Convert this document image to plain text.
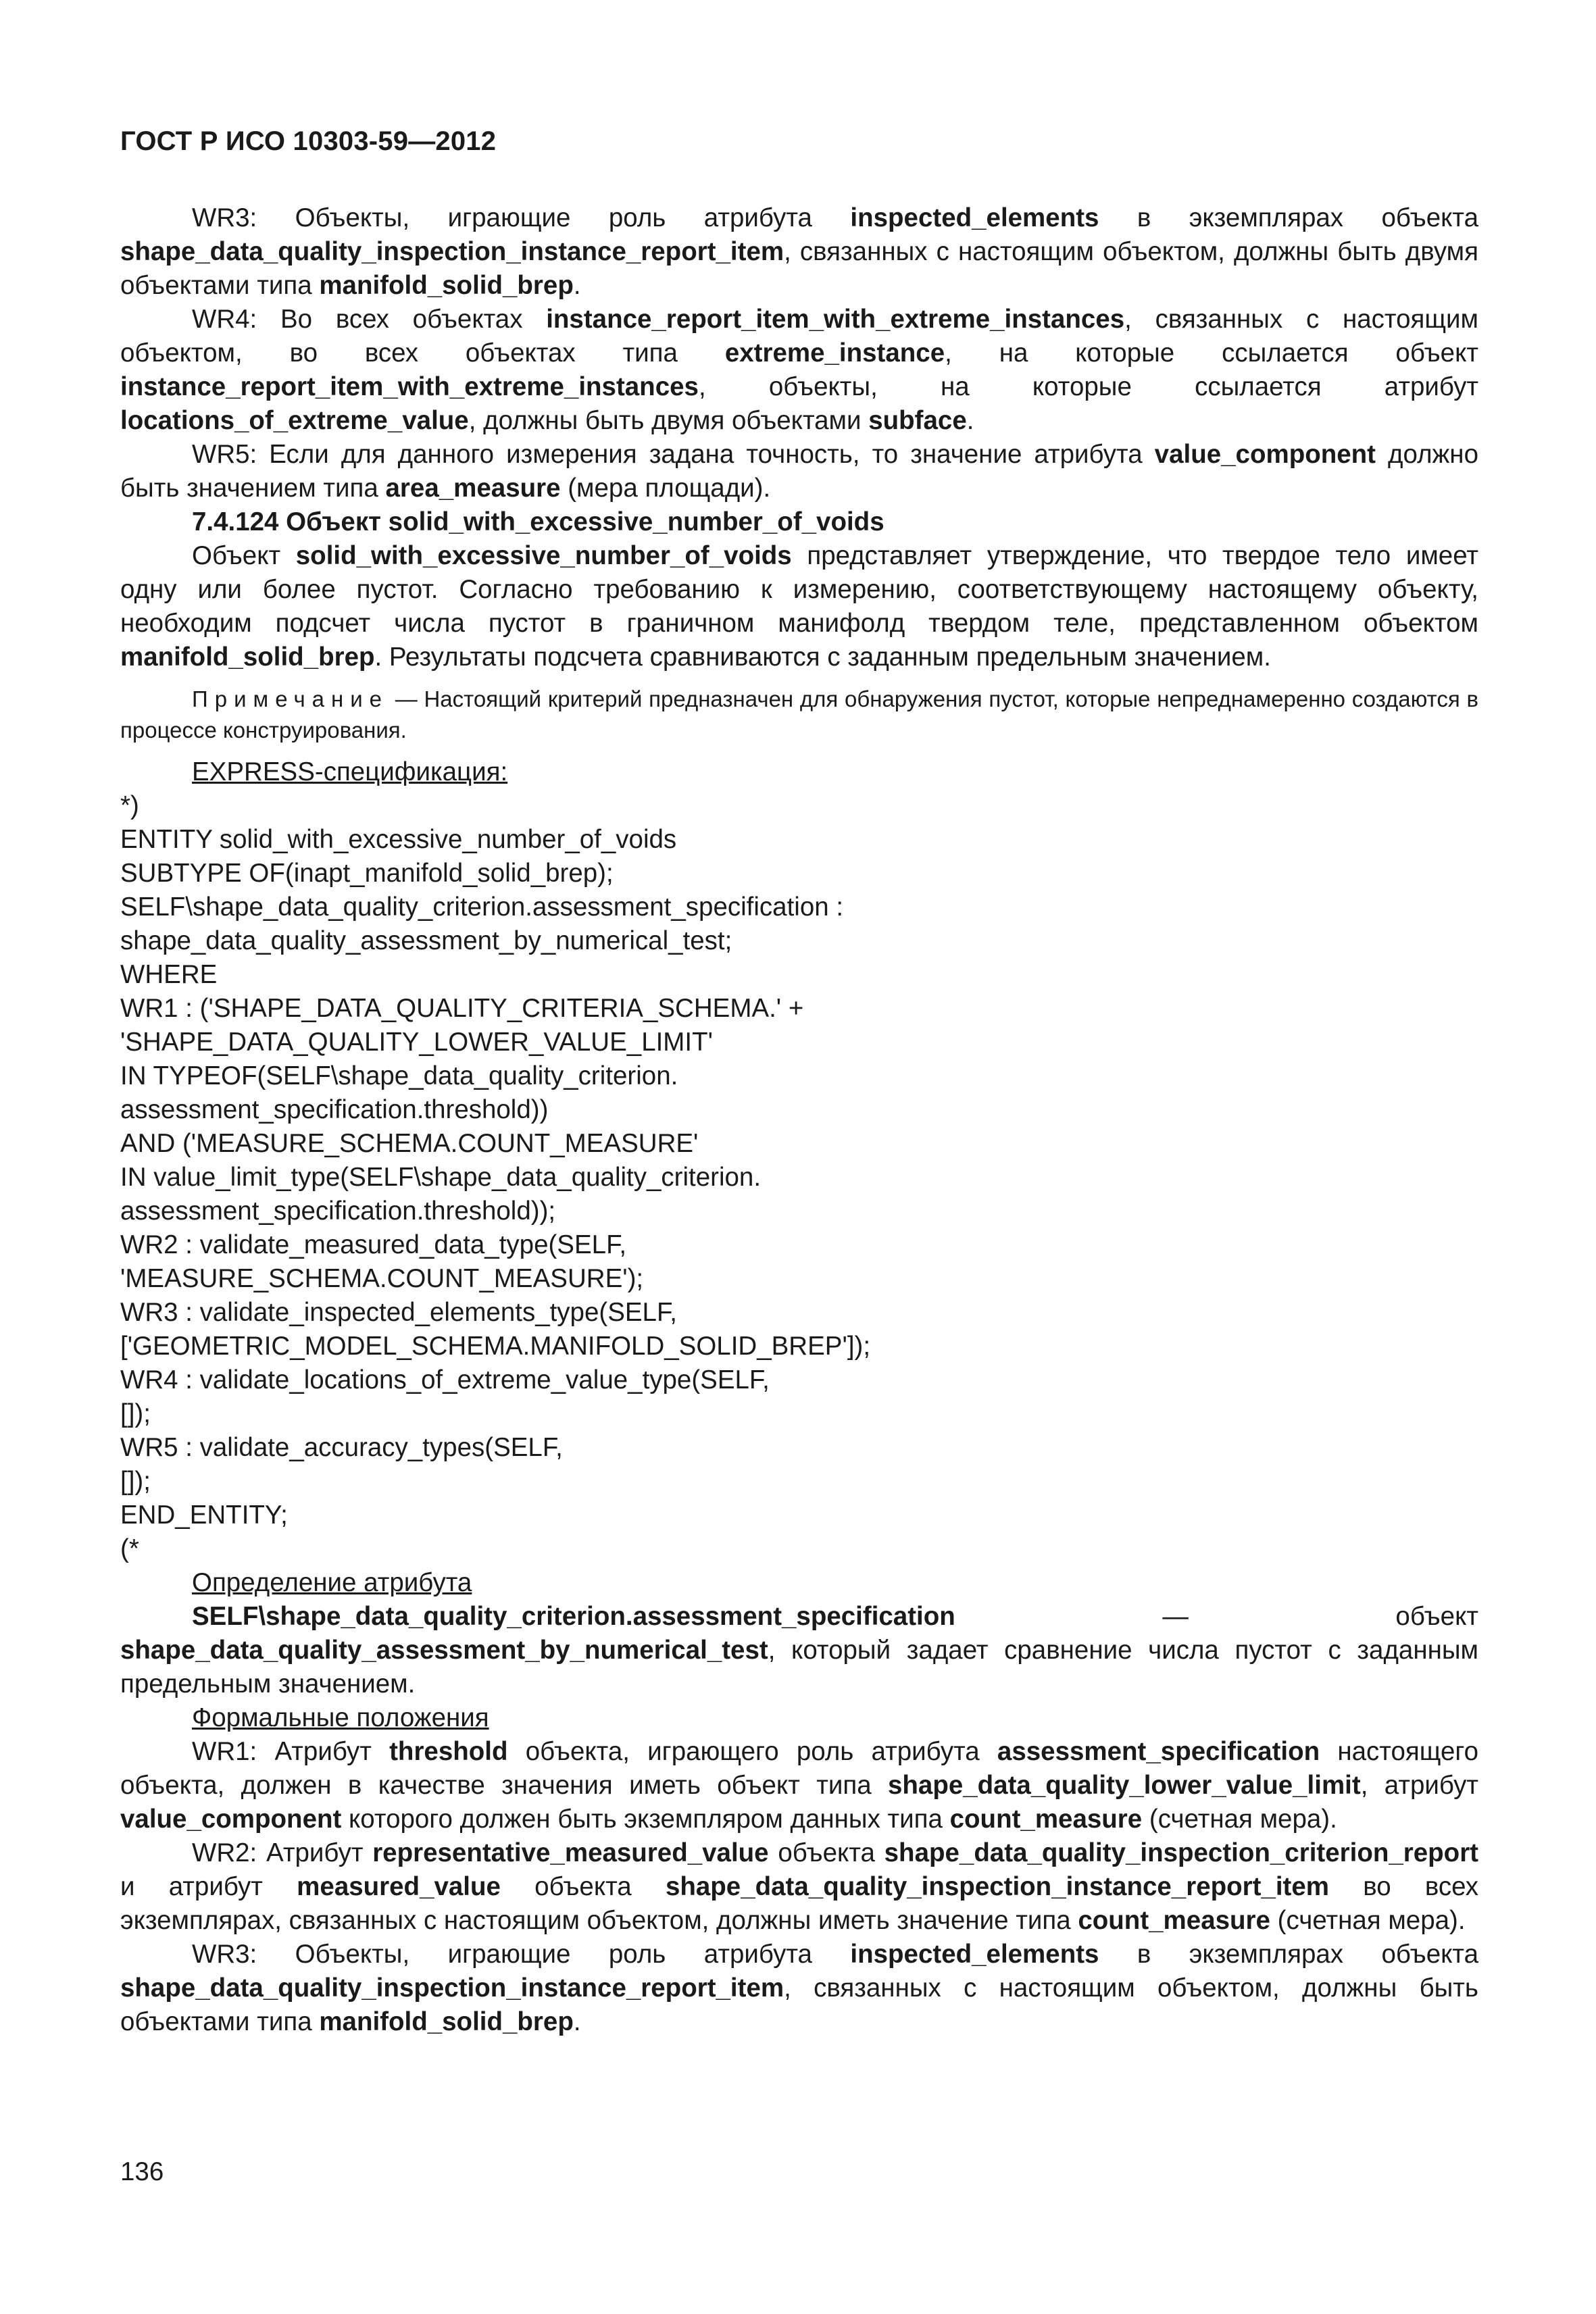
ГОСТ Р ИСО 10303-59—2012

WR3: Объекты, играющие роль атрибута inspected_elements в экземплярах объекта shape_data_quality_inspection_instance_report_item, связанных с настоящим объектом, должны быть двумя объектами типа manifold_solid_brep.

WR4: Во всех объектах instance_report_item_with_extreme_instances, связанных с настоящим объектом, во всех объектах типа extreme_instance, на которые ссылается объект instance_report_item_with_extreme_instances, объекты, на которые ссылается атрибут locations_of_extreme_value, должны быть двумя объектами subface.

WR5: Если для данного измерения задана точность, то значение атрибута value_component должно быть значением типа area_measure (мера площади).

7.4.124 Объект solid_with_excessive_number_of_voids

Объект solid_with_excessive_number_of_voids представляет утверждение, что твердое тело имеет одну или более пустот. Согласно требованию к измерению, соответствующему настоящему объекту, необходим подсчет числа пустот в граничном манифолд твердом теле, представленном объектом manifold_solid_brep. Результаты подсчета сравниваются с заданным предельным значением.

Примечание — Настоящий критерий предназначен для обнаружения пустот, которые непреднамеренно создаются в процессе конструирования.

EXPRESS-спецификация:

*)
ENTITY solid_with_excessive_number_of_voids
SUBTYPE OF(inapt_manifold_solid_brep);
SELF\shape_data_quality_criterion.assessment_specification :
shape_data_quality_assessment_by_numerical_test;
WHERE
WR1 : ('SHAPE_DATA_QUALITY_CRITERIA_SCHEMA.' +
'SHAPE_DATA_QUALITY_LOWER_VALUE_LIMIT'
IN TYPEOF(SELF\shape_data_quality_criterion.
assessment_specification.threshold))
AND ('MEASURE_SCHEMA.COUNT_MEASURE'
IN value_limit_type(SELF\shape_data_quality_criterion.
assessment_specification.threshold));
WR2 : validate_measured_data_type(SELF,
'MEASURE_SCHEMA.COUNT_MEASURE');
WR3 : validate_inspected_elements_type(SELF,
['GEOMETRIC_MODEL_SCHEMA.MANIFOLD_SOLID_BREP']);
WR4 : validate_locations_of_extreme_value_type(SELF,
[]);
WR5 : validate_accuracy_types(SELF,
[]);
END_ENTITY;
(*

Определение атрибута

SELF\shape_data_quality_criterion.assessment_specification — объект shape_data_quality_assessment_by_numerical_test, который задает сравнение числа пустот с заданным предельным значением.

Формальные положения

WR1: Атрибут threshold объекта, играющего роль атрибута assessment_specification настоящего объекта, должен в качестве значения иметь объект типа shape_data_quality_lower_value_limit, атрибут value_component которого должен быть экземпляром данных типа count_measure (счетная мера).

WR2: Атрибут representative_measured_value объекта shape_data_quality_inspection_criterion_report и атрибут measured_value объекта shape_data_quality_inspection_instance_report_item во всех экземплярах, связанных с настоящим объектом, должны иметь значение типа count_measure (счетная мера).

WR3: Объекты, играющие роль атрибута inspected_elements в экземплярах объекта shape_data_quality_inspection_instance_report_item, связанных с настоящим объектом, должны быть объектами типа manifold_solid_brep.

136
